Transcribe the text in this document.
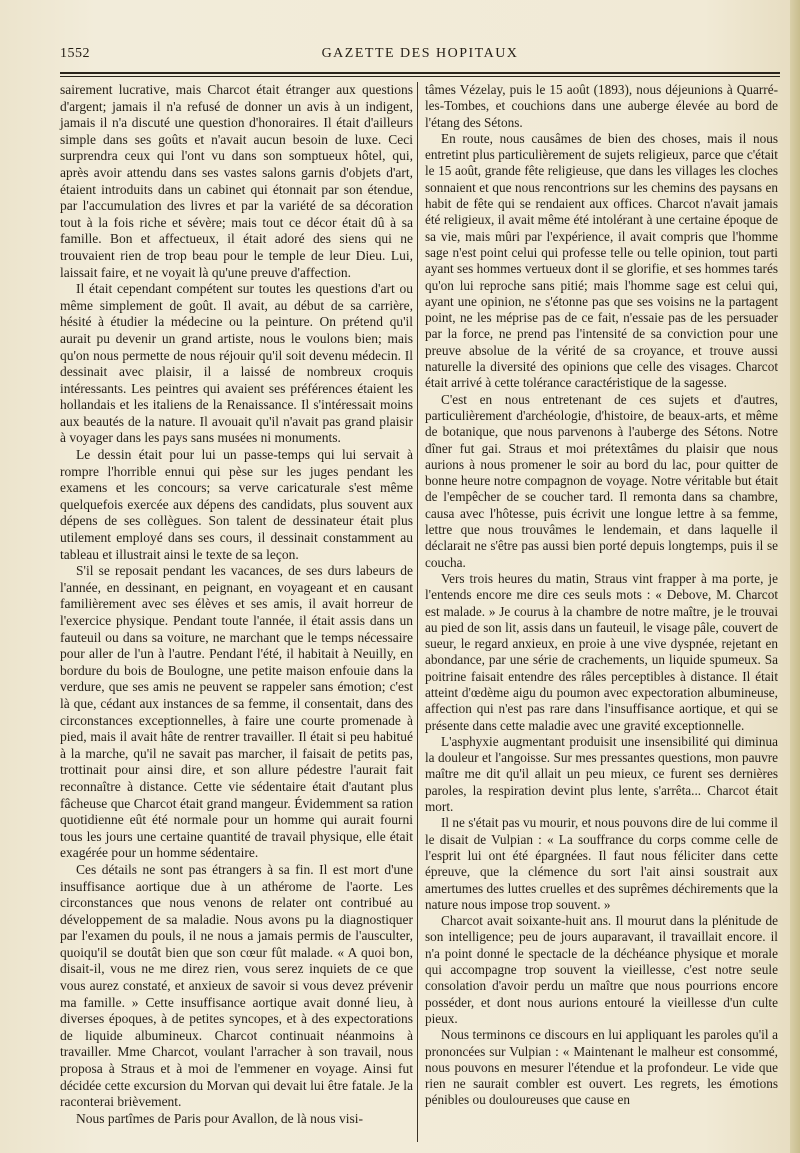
1552	GAZETTE DES HOPITAUX

sairement lucrative, mais Charcot était étranger aux questions d'argent; jamais il n'a refusé de donner un avis à un indigent, jamais il n'a discuté une question d'honoraires. Il était d'ailleurs simple dans ses goûts et n'avait aucun besoin de luxe. Ceci surprendra ceux qui l'ont vu dans son somptueux hôtel, qui, après avoir attendu dans ses vastes salons garnis d'objets d'art, étaient introduits dans un cabinet qui étonnait par son étendue, par l'accumulation des livres et par la variété de sa décoration tout à la fois riche et sévère; mais tout ce décor était dû à sa famille. Bon et affectueux, il était adoré des siens qui ne trouvaient rien de trop beau pour le temple de leur Dieu. Lui, laissait faire, et ne voyait là qu'une preuve d'affection.

Il était cependant compétent sur toutes les questions d'art ou même simplement de goût. Il avait, au début de sa carrière, hésité à étudier la médecine ou la peinture. On prétend qu'il aurait pu devenir un grand artiste, nous le voulons bien; mais qu'on nous permette de nous réjouir qu'il soit devenu médecin. Il dessinait avec plaisir, il a laissé de nombreux croquis intéressants. Les peintres qui avaient ses préférences étaient les hollandais et les italiens de la Renaissance. Il s'intéressait moins aux beautés de la nature. Il avouait qu'il n'avait pas grand plaisir à voyager dans les pays sans musées ni monuments.

Le dessin était pour lui un passe-temps qui lui servait à rompre l'horrible ennui qui pèse sur les juges pendant les examens et les concours; sa verve caricaturale s'est même quelquefois exercée aux dépens des candidats, plus souvent aux dépens de ses collègues. Son talent de dessinateur était plus utilement employé dans ses cours, il dessinait constamment au tableau et illustrait ainsi le texte de sa leçon.

S'il se reposait pendant les vacances, de ses durs labeurs de l'année, en dessinant, en peignant, en voyageant et en causant familièrement avec ses élèves et ses amis, il avait horreur de l'exercice physique. Pendant toute l'année, il était assis dans un fauteuil ou dans sa voiture, ne marchant que le temps nécessaire pour aller de l'un à l'autre. Pendant l'été, il habitait à Neuilly, en bordure du bois de Boulogne, une petite maison enfouie dans la verdure, que ses amis ne peuvent se rappeler sans émotion; c'est là que, cédant aux instances de sa femme, il consentait, dans des circonstances exceptionnelles, à faire une courte promenade à pied, mais il avait hâte de rentrer travailler. Il était si peu habitué à la marche, qu'il ne savait pas marcher, il faisait de petits pas, trottinait pour ainsi dire, et son allure pédestre l'aurait fait reconnaître à distance. Cette vie sédentaire était d'autant plus fâcheuse que Charcot était grand mangeur. Évidemment sa ration quotidienne eût été normale pour un homme qui aurait fourni tous les jours une certaine quantité de travail physique, elle était exagérée pour un homme sédentaire.

Ces détails ne sont pas étrangers à sa fin. Il est mort d'une insuffisance aortique due à un athérome de l'aorte. Les circonstances que nous venons de relater ont contribué au développement de sa maladie. Nous avons pu la diagnostiquer par l'examen du pouls, il ne nous a jamais permis de l'ausculter, quoiqu'il se doutât bien que son cœur fût malade. « A quoi bon, disait-il, vous ne me direz rien, vous serez inquiets de ce que vous aurez constaté, et anxieux de savoir si vous devez prévenir ma famille. » Cette insuffisance aortique avait donné lieu, à diverses époques, à de petites syncopes, et à des expectorations de liquide albumineux. Charcot continuait néanmoins à travailler. Mme Charcot, voulant l'arracher à son travail, nous proposa à Straus et à moi de l'emmener en voyage. Ainsi fut décidée cette excursion du Morvan qui devait lui être fatale. Je la raconterai brièvement.

Nous partîmes de Paris pour Avallon, de là nous visi-

tâmes Vézelay, puis le 15 août (1893), nous déjeunions à Quarré-les-Tombes, et couchions dans une auberge élevée au bord de l'étang des Sétons.

En route, nous causâmes de bien des choses, mais il nous entretint plus particulièrement de sujets religieux, parce que c'était le 15 août, grande fête religieuse, que dans les villages les cloches sonnaient et que nous rencontrions sur les chemins des paysans en habit de fête qui se rendaient aux offices. Charcot n'avait jamais été religieux, il avait même été intolérant à une certaine époque de sa vie, mais mûri par l'expérience, il avait compris que l'homme sage n'est point celui qui professe telle ou telle opinion, tout parti ayant ses hommes vertueux dont il se glorifie, et ses hommes tarés qu'on lui reproche sans pitié; mais l'homme sage est celui qui, ayant une opinion, ne s'étonne pas que ses voisins ne la partagent point, ne les méprise pas de ce fait, n'essaie pas de les persuader par la force, ne prend pas l'intensité de sa conviction pour une preuve absolue de la vérité de sa croyance, et trouve aussi naturelle la diversité des opinions que celle des visages. Charcot était arrivé à cette tolérance caractéristique de la sagesse.

C'est en nous entretenant de ces sujets et d'autres, particulièrement d'archéologie, d'histoire, de beaux-arts, et même de botanique, que nous parvenons à l'auberge des Sétons. Notre dîner fut gai. Straus et moi prétextâmes du plaisir que nous aurions à nous promener le soir au bord du lac, pour quitter de bonne heure notre compagnon de voyage. Notre véritable but était de l'empêcher de se coucher tard. Il remonta dans sa chambre, causa avec l'hôtesse, puis écrivit une longue lettre à sa femme, lettre que nous trouvâmes le lendemain, et dans laquelle il déclarait ne s'être pas aussi bien porté depuis longtemps, puis il se coucha.

Vers trois heures du matin, Straus vint frapper à ma porte, je l'entends encore me dire ces seuls mots : « Debove, M. Charcot est malade. » Je courus à la chambre de notre maître, je le trouvai au pied de son lit, assis dans un fauteuil, le visage pâle, couvert de sueur, le regard anxieux, en proie à une vive dyspnée, rejetant en abondance, par une série de crachements, un liquide spumeux. Sa poitrine faisait entendre des râles perceptibles à distance. Il était atteint d'œdème aigu du poumon avec expectoration albumineuse, affection qui n'est pas rare dans l'insuffisance aortique, et qui se présente dans cette maladie avec une gravité exceptionnelle.

L'asphyxie augmentant produisit une insensibilité qui diminua la douleur et l'angoisse. Sur mes pressantes questions, mon pauvre maître me dit qu'il allait un peu mieux, ce furent ses dernières paroles, la respiration devint plus lente, s'arrêta... Charcot était mort.

Il ne s'était pas vu mourir, et nous pouvons dire de lui comme il le disait de Vulpian : « La souffrance du corps comme celle de l'esprit lui ont été épargnées. Il faut nous féliciter dans cette épreuve, que la clémence du sort l'ait ainsi soustrait aux amertumes des luttes cruelles et des suprêmes déchirements que la nature nous impose trop souvent. »

Charcot avait soixante-huit ans. Il mourut dans la plénitude de son intelligence; peu de jours auparavant, il travaillait encore. il n'a point donné le spectacle de la déchéance physique et morale qui accompagne trop souvent la vieillesse, c'est notre seule consolation d'avoir perdu un maître que nous pourrions encore posséder, et dont nous aurions entouré la vieillesse d'un culte pieux.

Nous terminons ce discours en lui appliquant les paroles qu'il a prononcées sur Vulpian : « Maintenant le malheur est consommé, nous pouvons en mesurer l'étendue et la profondeur. Le vide que rien ne saurait combler est ouvert. Les regrets, les émotions pénibles ou douloureuses que cause en
